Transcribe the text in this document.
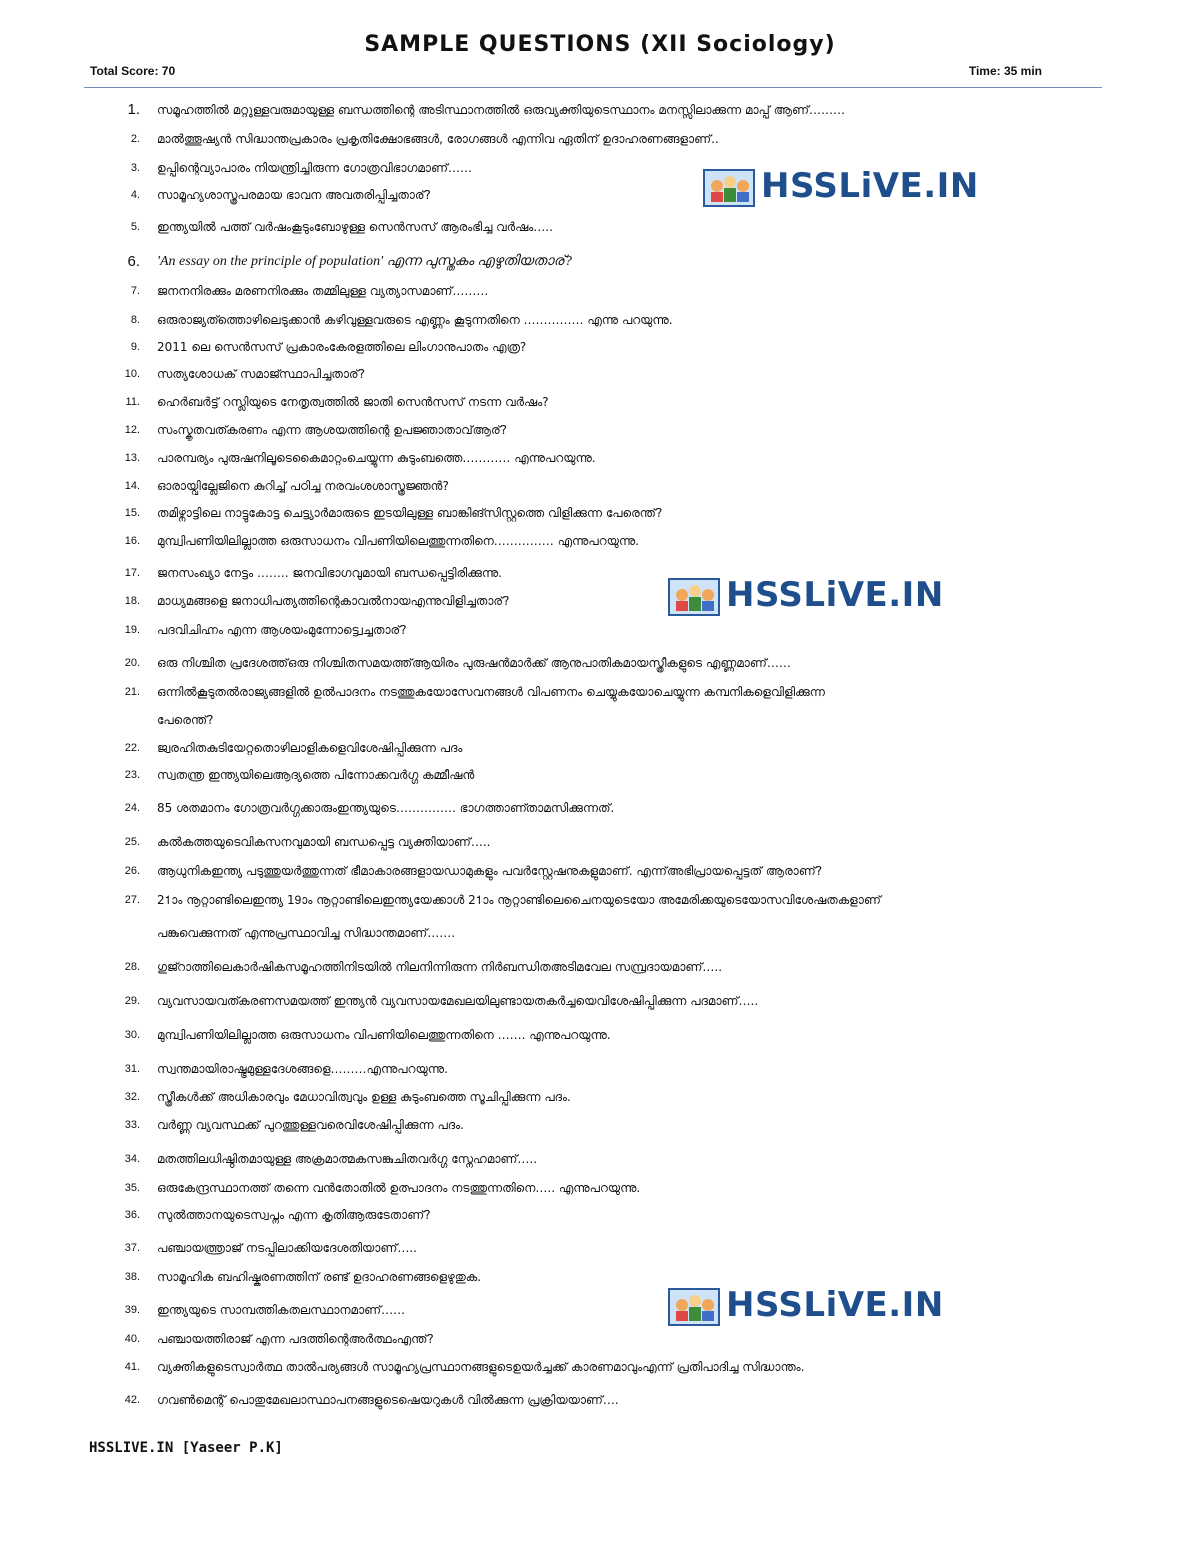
SAMPLE QUESTIONS (XII Sociology)
Total Score: 70	Time: 35 min
1. സമൂഹത്തിൽ മറ്റുള്ളവരുമായുള്ള ബന്ധത്തിന്റെ അടിസ്ഥാനത്തിൽ ഒരുവ്യക്തിയുടെസ്ഥാനം മനസ്സിലാക്കുന്ന മാപ്പ് ആണ്………
2. മാൽത്തൂഷ്യൻ സിദ്ധാന്തപ്രകാരം പ്രകൃതിക്ഷോഭങ്ങൾ, രോഗങ്ങൾ എന്നിവ ഏതിന് ഉദാഹരണങ്ങളാണ്..
3. ഉപ്പിന്റെവ്യാപാരം നിയന്ത്രിച്ചിരുന്ന ഗോത്രവിഭാഗമാണ്……
4. സാമൂഹ്യശാസ്ത്രപരമായ ഭാവന അവതരിപ്പിച്ചതാര്?
5. ഇന്ത്യയിൽ പത്ത് വർഷംകൂടുംബോഴുള്ള സെൻസസ് ആരംഭിച്ച വർഷം…..
6. 'An essay on the principle of population' എന്ന പുസ്തകം എഴുതിയതാര്?
7. ജനനനിരക്കും മരണനിരക്കും തമ്മിലുള്ള വ്യത്യാസമാണ്………
8. ഒരുരാജ്യത്ത്തൊഴിലെടുക്കാൻ കഴിവുള്ളവരുടെ എണ്ണം കൂടുന്നതിനെ …………… എന്നു പറയുന്നു.
9. 2011 ലെ സെൻസസ് പ്രകാരംകേരളത്തിലെ ലിംഗാനുപാതം എത്ര?
10. സത്യശോധക് സമാജ്സ്ഥാപിച്ചതാര്?
11. ഹെർബർട്ട് റസ്ലിയുടെ നേതൃത്വത്തിൽ ജാതി സെൻസസ് നടന്ന വർഷം?
12. സംസ്കൃതവത്കരണം എന്ന ആശയത്തിന്റെ ഉപജ്ഞാതാവ്ആര്?
13. പാരമ്പര്യം പുരുഷനിലൂടെകൈമാറ്റംചെയ്യുന്ന കുടുംബത്തെ………… എന്നുപറയുന്നു.
14. ഓരായ്വില്ലേജിനെ കുറിച്ച് പഠിച്ച നരവംശശാസ്ത്രജ്ഞൻ?
15. തമിഴ്നാട്ടിലെ നാട്ടുകോട്ട ചെട്ട്യാർമാരുടെ ഇടയിലുള്ള ബാങ്കിങ്സിസ്റ്റത്തെ വിളിക്കുന്ന പേരെന്ത്?
16. മുമ്പ്വിപണിയിലില്ലാത്ത ഒരുസാധനം വിപണിയിലെത്തുന്നതിനെ…………… എന്നുപറയുന്നു.
17. ജനസംഖ്യാ നേട്ടം …….. ജനവിഭാഗവുമായി ബന്ധപ്പെട്ടിരിക്കുന്നു.
18. മാധ്യമങ്ങളെ ജനാധിപത്യത്തിന്റെകാവൽനായഎന്നുവിളിച്ചതാര്?
19. പദവിചിഹ്നം എന്ന ആശയംമുന്നോട്ട്വെച്ചതാര്?
20. ഒരു നിശ്ചിത പ്രദേശത്ത്ഒരു നിശ്ചിതസമയത്ത്ആയിരം പുരുഷൻമാർക്ക് ആനുപാതികമായസ്ത്രീകളുടെ എണ്ണമാണ്……
21. ഒന്നിൽകൂടുതൽരാജ്യങ്ങളിൽ ഉൽപാദനം നടത്തുകയോസേവനങ്ങൾ വിപണനം ചെയ്യുകയോചെയ്യുന്ന കമ്പനികളെവിളിക്കുന്ന
പേരെന്ത്?
22. ജ്വരഹിതകുടിയേറ്റതൊഴിലാളികളെവിശേഷിപ്പിക്കുന്ന പദം
23. സ്വതന്ത്ര ഇന്ത്യയിലെആദ്യത്തെ പിന്നോക്കവർഗ്ഗ കമ്മീഷൻ
24. 85 ശതമാനം ഗോത്രവർഗ്ഗക്കാരുംഇന്ത്യയുടെ…………… ഭാഗത്താണ്താമസിക്കുന്നത്.
25. കൽകത്തയുടെവികസനവുമായി ബന്ധപ്പെട്ട വ്യക്തിയാണ്…..
26. ആധുനികഇന്ത്യ പടുത്തുയർത്തുന്നത് ഭീമാകാരങ്ങളായഡാമുകളും പവർസ്റ്റേഷനുകളുമാണ്. എന്ന്അഭിപ്രായപ്പെട്ടത് ആരാണ്?
27. 21ാം നൂറ്റാണ്ടിലെഇന്ത്യ 19ാം നൂറ്റാണ്ടിലെഇന്ത്യയേക്കാൾ 21ാം നൂറ്റാണ്ടിലെചൈനയുടെയോ അമേരിക്കയുടെയോസവിശേഷതകളാണ്
പങ്കുവെക്കുന്നത് എന്നുപ്രസ്ഥാവിച്ച സിദ്ധാന്തമാണ്…….
28. ഗുജ്റാത്തിലെകാർഷികസമൂഹത്തിനിടയിൽ നിലനിന്നിരുന്ന നിർബന്ധിതഅടിമവേല സമ്പ്രദായമാണ്…..
29. വ്യവസായവത്കരണസമയത്ത് ഇന്ത്യൻ വ്യവസായമേഖലയിലുണ്ടായതകർച്ചയെവിശേഷിപ്പിക്കുന്ന പദമാണ്…..
30. മുമ്പ്വിപണിയിലില്ലാത്ത ഒരുസാധനം വിപണിയിലെത്തുന്നതിനെ ……. എന്നുപറയുന്നു.
31. സ്വന്തമായിരാഷ്ട്രമുള്ളദേശങ്ങളെ………എന്നുപറയുന്നു.
32. സ്ത്രീകൾക്ക് അധികാരവും മേധാവിത്വവും ഉള്ള കുടുംബത്തെ സൂചിപ്പിക്കുന്ന പദം.
33. വർണ്ണ വ്യവസ്ഥക്ക് പുറത്തുള്ളവരെവിശേഷിപ്പിക്കുന്ന പദം.
34. മതത്തിലധിഷ്ഠിതമായുള്ള അക്രമാത്മകസങ്കുചിതവർഗ്ഗ സ്നേഹമാണ്…..
35. ഒരുകേന്ദ്രസ്ഥാനത്ത് തന്നെ വൻതോതിൽ ഉത്പാദനം നടത്തുന്നതിനെ….. എന്നുപറയുന്നു.
36. സുൽത്താനയുടെസ്വപ്നം എന്ന കൃതിആരുടേതാണ്?
37. പഞ്ചായത്ത്രാജ് നടപ്പിലാക്കിയദേശതിയാണ്…..
38. സാമൂഹിക ബഹിഷ്കരണത്തിന് രണ്ട് ഉദാഹരണങ്ങളെഴുതുക.
39. ഇന്ത്യയുടെ സാമ്പത്തികതലസ്ഥാനമാണ്……
40. പഞ്ചായത്തിരാജ് എന്ന പദത്തിന്റെഅർത്ഥംഎന്ത്?
41. വ്യക്തികളുടെസ്വാർത്ഥ താൽപര്യങ്ങൾ സാമൂഹ്യപ്രസ്ഥാനങ്ങളുടെഉയർച്ചക്ക് കാരണമാവുംഎന്ന് പ്രതിപാദിച്ച സിദ്ധാന്തം.
42. ഗവൺമെന്റ് പൊതുമേഖലാസ്ഥാപനങ്ങളുടെഷെയറുകൾ വിൽക്കുന്ന പ്രക്രിയയാണ്….
HSSLiVE.IN
HSSLiVE.IN
HSSLiVE.IN
HSSLIVE.IN [Yaseer P.K]
